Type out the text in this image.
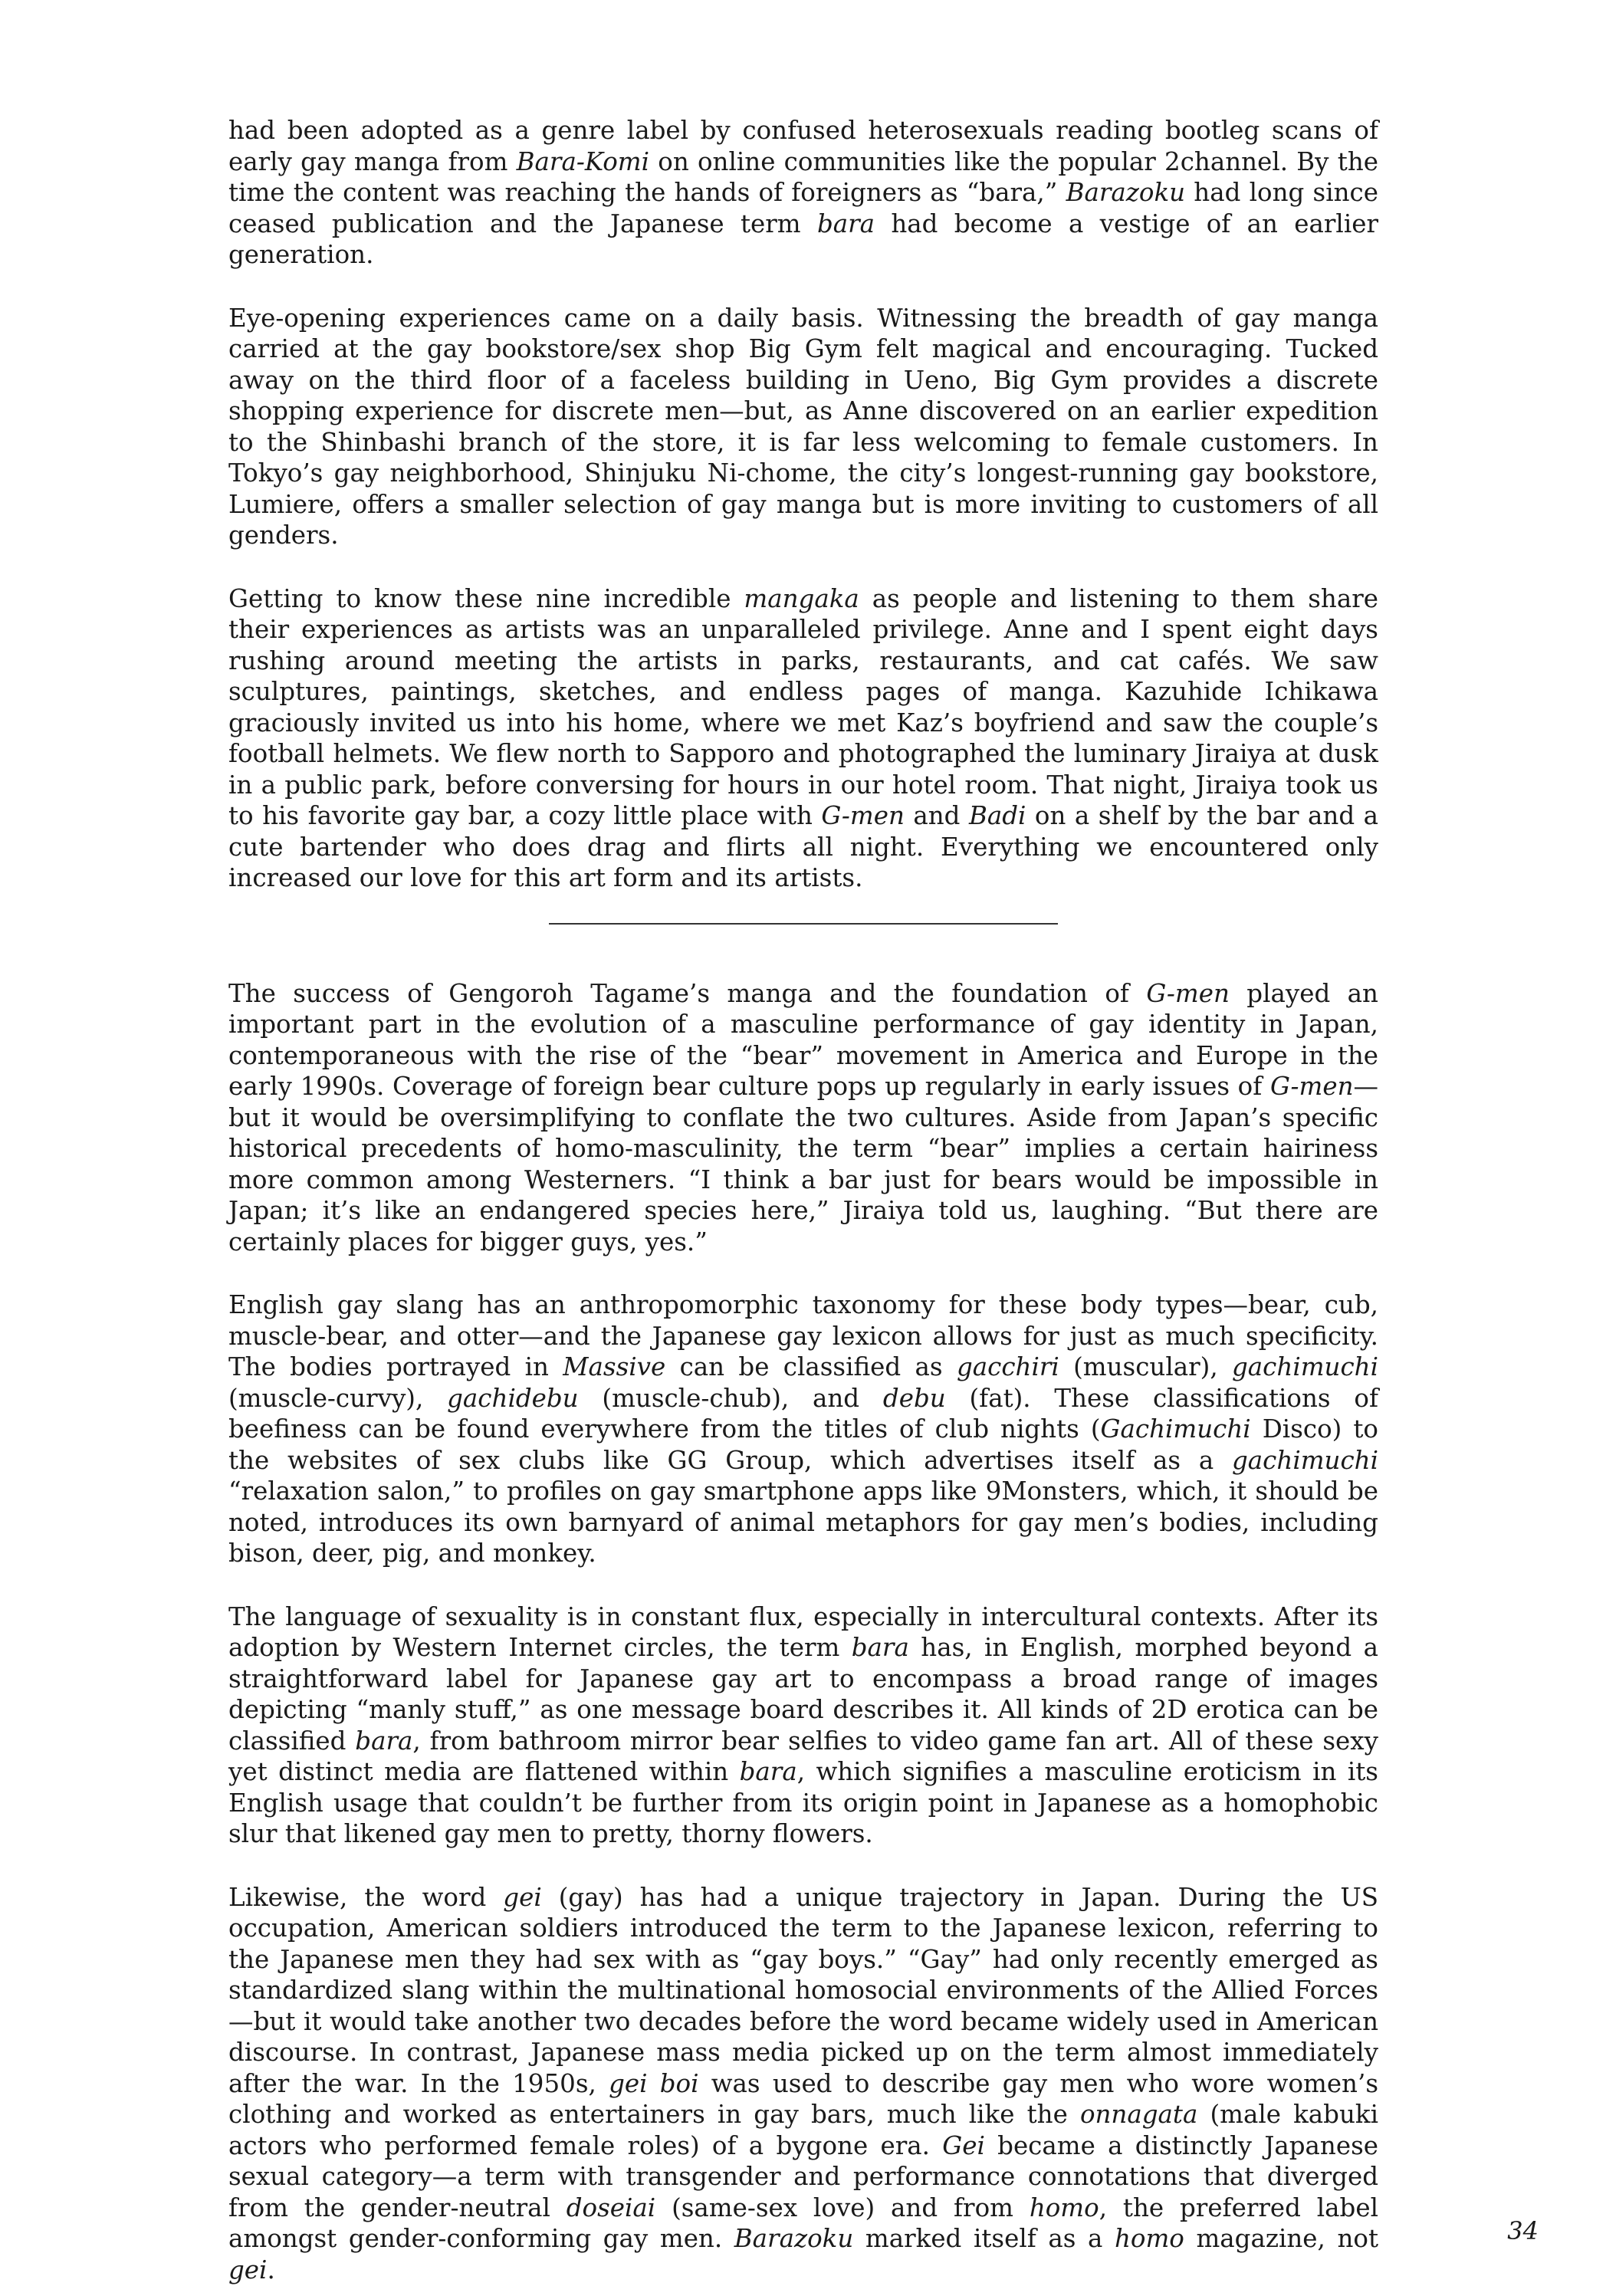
had been adopted as a genre label by confused heterosexuals reading bootleg scans of early gay manga from Bara-Komi on online communities like the popular 2channel. By the time the content was reaching the hands of foreigners as “bara,” Barazoku had long since ceased publication and the Japanese term bara had become a vestige of an earlier generation.

Eye-opening experiences came on a daily basis. Witnessing the breadth of gay manga carried at the gay bookstore/sex shop Big Gym felt magical and encouraging. Tucked away on the third floor of a faceless building in Ueno, Big Gym provides a discrete shopping experience for discrete men—but, as Anne discovered on an earlier expedition to the Shinbashi branch of the store, it is far less welcoming to female customers. In Tokyo’s gay neighborhood, Shinjuku Ni-chome, the city’s longest-running gay bookstore, Lumiere, offers a smaller selection of gay manga but is more inviting to customers of all genders.

Getting to know these nine incredible mangaka as people and listening to them share their experiences as artists was an unparalleled privilege. Anne and I spent eight days rushing around meeting the artists in parks, restaurants, and cat cafés. We saw sculptures, paintings, sketches, and endless pages of manga. Kazuhide Ichikawa graciously invited us into his home, where we met Kaz’s boyfriend and saw the couple’s football helmets. We flew north to Sapporo and photographed the luminary Jiraiya at dusk in a public park, before conversing for hours in our hotel room. That night, Jiraiya took us to his favorite gay bar, a cozy little place with G-men and Badi on a shelf by the bar and a cute bartender who does drag and flirts all night. Everything we encountered only increased our love for this art form and its artists.

The success of Gengoroh Tagame’s manga and the foundation of G-men played an important part in the evolution of a masculine performance of gay identity in Japan, contemporaneous with the rise of the “bear” movement in America and Europe in the early 1990s. Coverage of foreign bear culture pops up regularly in early issues of G-men—but it would be oversimplifying to conflate the two cultures. Aside from Japan’s specific historical precedents of homo-masculinity, the term “bear” implies a certain hairiness more common among Westerners. “I think a bar just for bears would be impossible in Japan; it’s like an endangered species here,” Jiraiya told us, laughing. “But there are certainly places for bigger guys, yes.”

English gay slang has an anthropomorphic taxonomy for these body types—bear, cub, muscle-bear, and otter—and the Japanese gay lexicon allows for just as much specificity. The bodies portrayed in Massive can be classified as gacchiri (muscular), gachimuchi (muscle-curvy), gachidebu (muscle-chub), and debu (fat). These classifications of beefiness can be found everywhere from the titles of club nights (Gachimuchi Disco) to the websites of sex clubs like GG Group, which advertises itself as a gachimuchi “relaxation salon,” to profiles on gay smartphone apps like 9Monsters, which, it should be noted, introduces its own barnyard of animal metaphors for gay men’s bodies, including bison, deer, pig, and monkey.

The language of sexuality is in constant flux, especially in intercultural contexts. After its adoption by Western Internet circles, the term bara has, in English, morphed beyond a straightforward label for Japanese gay art to encompass a broad range of images depicting “manly stuff,” as one message board describes it. All kinds of 2D erotica can be classified bara, from bathroom mirror bear selfies to video game fan art. All of these sexy yet distinct media are flattened within bara, which signifies a masculine eroticism in its English usage that couldn’t be further from its origin point in Japanese as a homophobic slur that likened gay men to pretty, thorny flowers.

Likewise, the word gei (gay) has had a unique trajectory in Japan. During the US occupation, American soldiers introduced the term to the Japanese lexicon, referring to the Japanese men they had sex with as “gay boys.” “Gay” had only recently emerged as standardized slang within the multinational homosocial environments of the Allied Forces—but it would take another two decades before the word became widely used in American discourse. In contrast, Japanese mass media picked up on the term almost immediately after the war. In the 1950s, gei boi was used to describe gay men who wore women’s clothing and worked as entertainers in gay bars, much like the onnagata (male kabuki actors who performed female roles) of a bygone era. Gei became a distinctly Japanese sexual category—a term with transgender and performance connotations that diverged from the gender-neutral doseiai (same-sex love) and from homo, the preferred label amongst gender-conforming gay men. Barazoku marked itself as a homo magazine, not gei.

34
